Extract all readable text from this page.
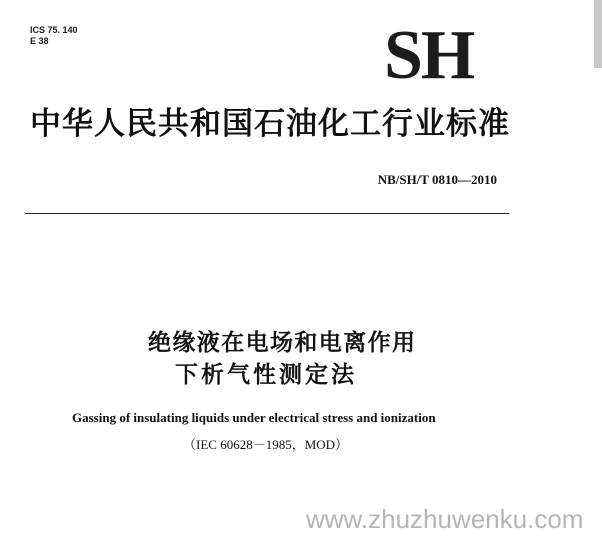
ICS 75. 140
E 38	SH
中华人民共和国石油化工行业标准
NB/SH/T 0810—2010
绝缘液在电场和电离作用
下析气性测定法
Gassing of insulating liquids under electrical stress and ionization
（IEC 60628－1985，MOD）
www.zhuzhuwenku.com
